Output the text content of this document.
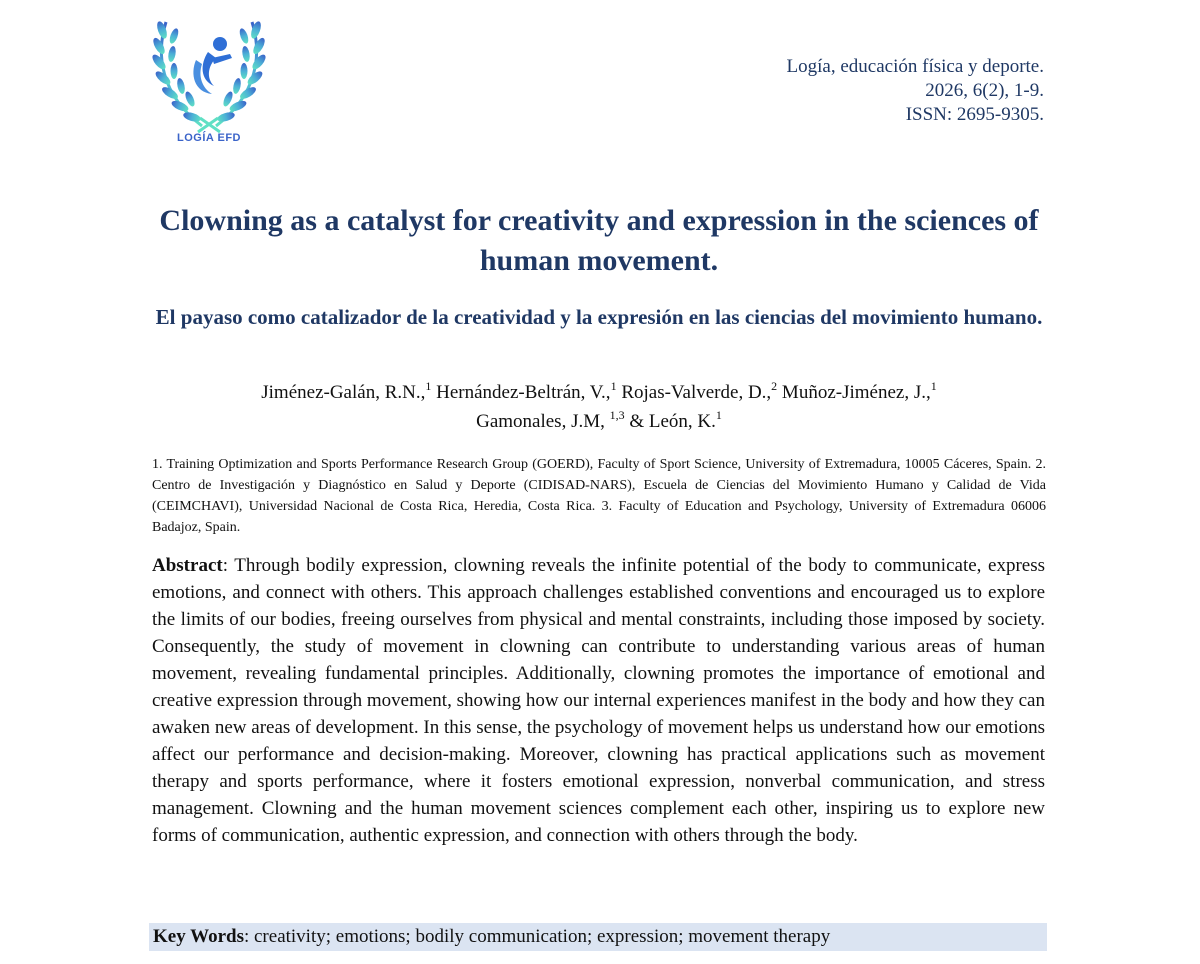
LOGÍA EFD
Logía, educación física y deporte.
2026, 6(2), 1-9.
ISSN: 2695-9305.
Clowning as a catalyst for creativity and expression in the sciences of human movement.
El payaso como catalizador de la creatividad y la expresión en las ciencias del movimiento humano.
Jiménez-Galán, R.N.,$^1$ Hernández-Beltrán, V.,$^1$ Rojas-Valverde, D.,$^2$ Muñoz-Jiménez, J.,$^1$
Gamonales, J.M, $^{1,3}$ & León, K.$^1$
1. Training Optimization and Sports Performance Research Group (GOERD), Faculty of Sport Science, University of Extremadura, 10005 Cáceres, Spain. 2. Centro de Investigación y Diagnóstico en Salud y Deporte (CIDISAD-NARS), Escuela de Ciencias del Movimiento Humano y Calidad de Vida (CEIMCHAVI), Universidad Nacional de Costa Rica, Heredia, Costa Rica. 3. Faculty of Education and Psychology, University of Extremadura 06006 Badajoz, Spain.
Abstract: Through bodily expression, clowning reveals the infinite potential of the body to communicate, express emotions, and connect with others. This approach challenges established conventions and encouraged us to explore the limits of our bodies, freeing ourselves from physical and mental constraints, including those imposed by society. Consequently, the study of movement in clowning can contribute to understanding various areas of human movement, revealing fundamental principles. Additionally, clowning promotes the importance of emotional and creative expression through movement, showing how our internal experiences manifest in the body and how they can awaken new areas of development. In this sense, the psychology of movement helps us understand how our emotions affect our performance and decision-making. Moreover, clowning has practical applications such as movement therapy and sports performance, where it fosters emotional expression, nonverbal communication, and stress management. Clowning and the human movement sciences complement each other, inspiring us to explore new forms of communication, authentic expression, and connection with others through the body.
Key Words: creativity; emotions; bodily communication; expression; movement therapy
